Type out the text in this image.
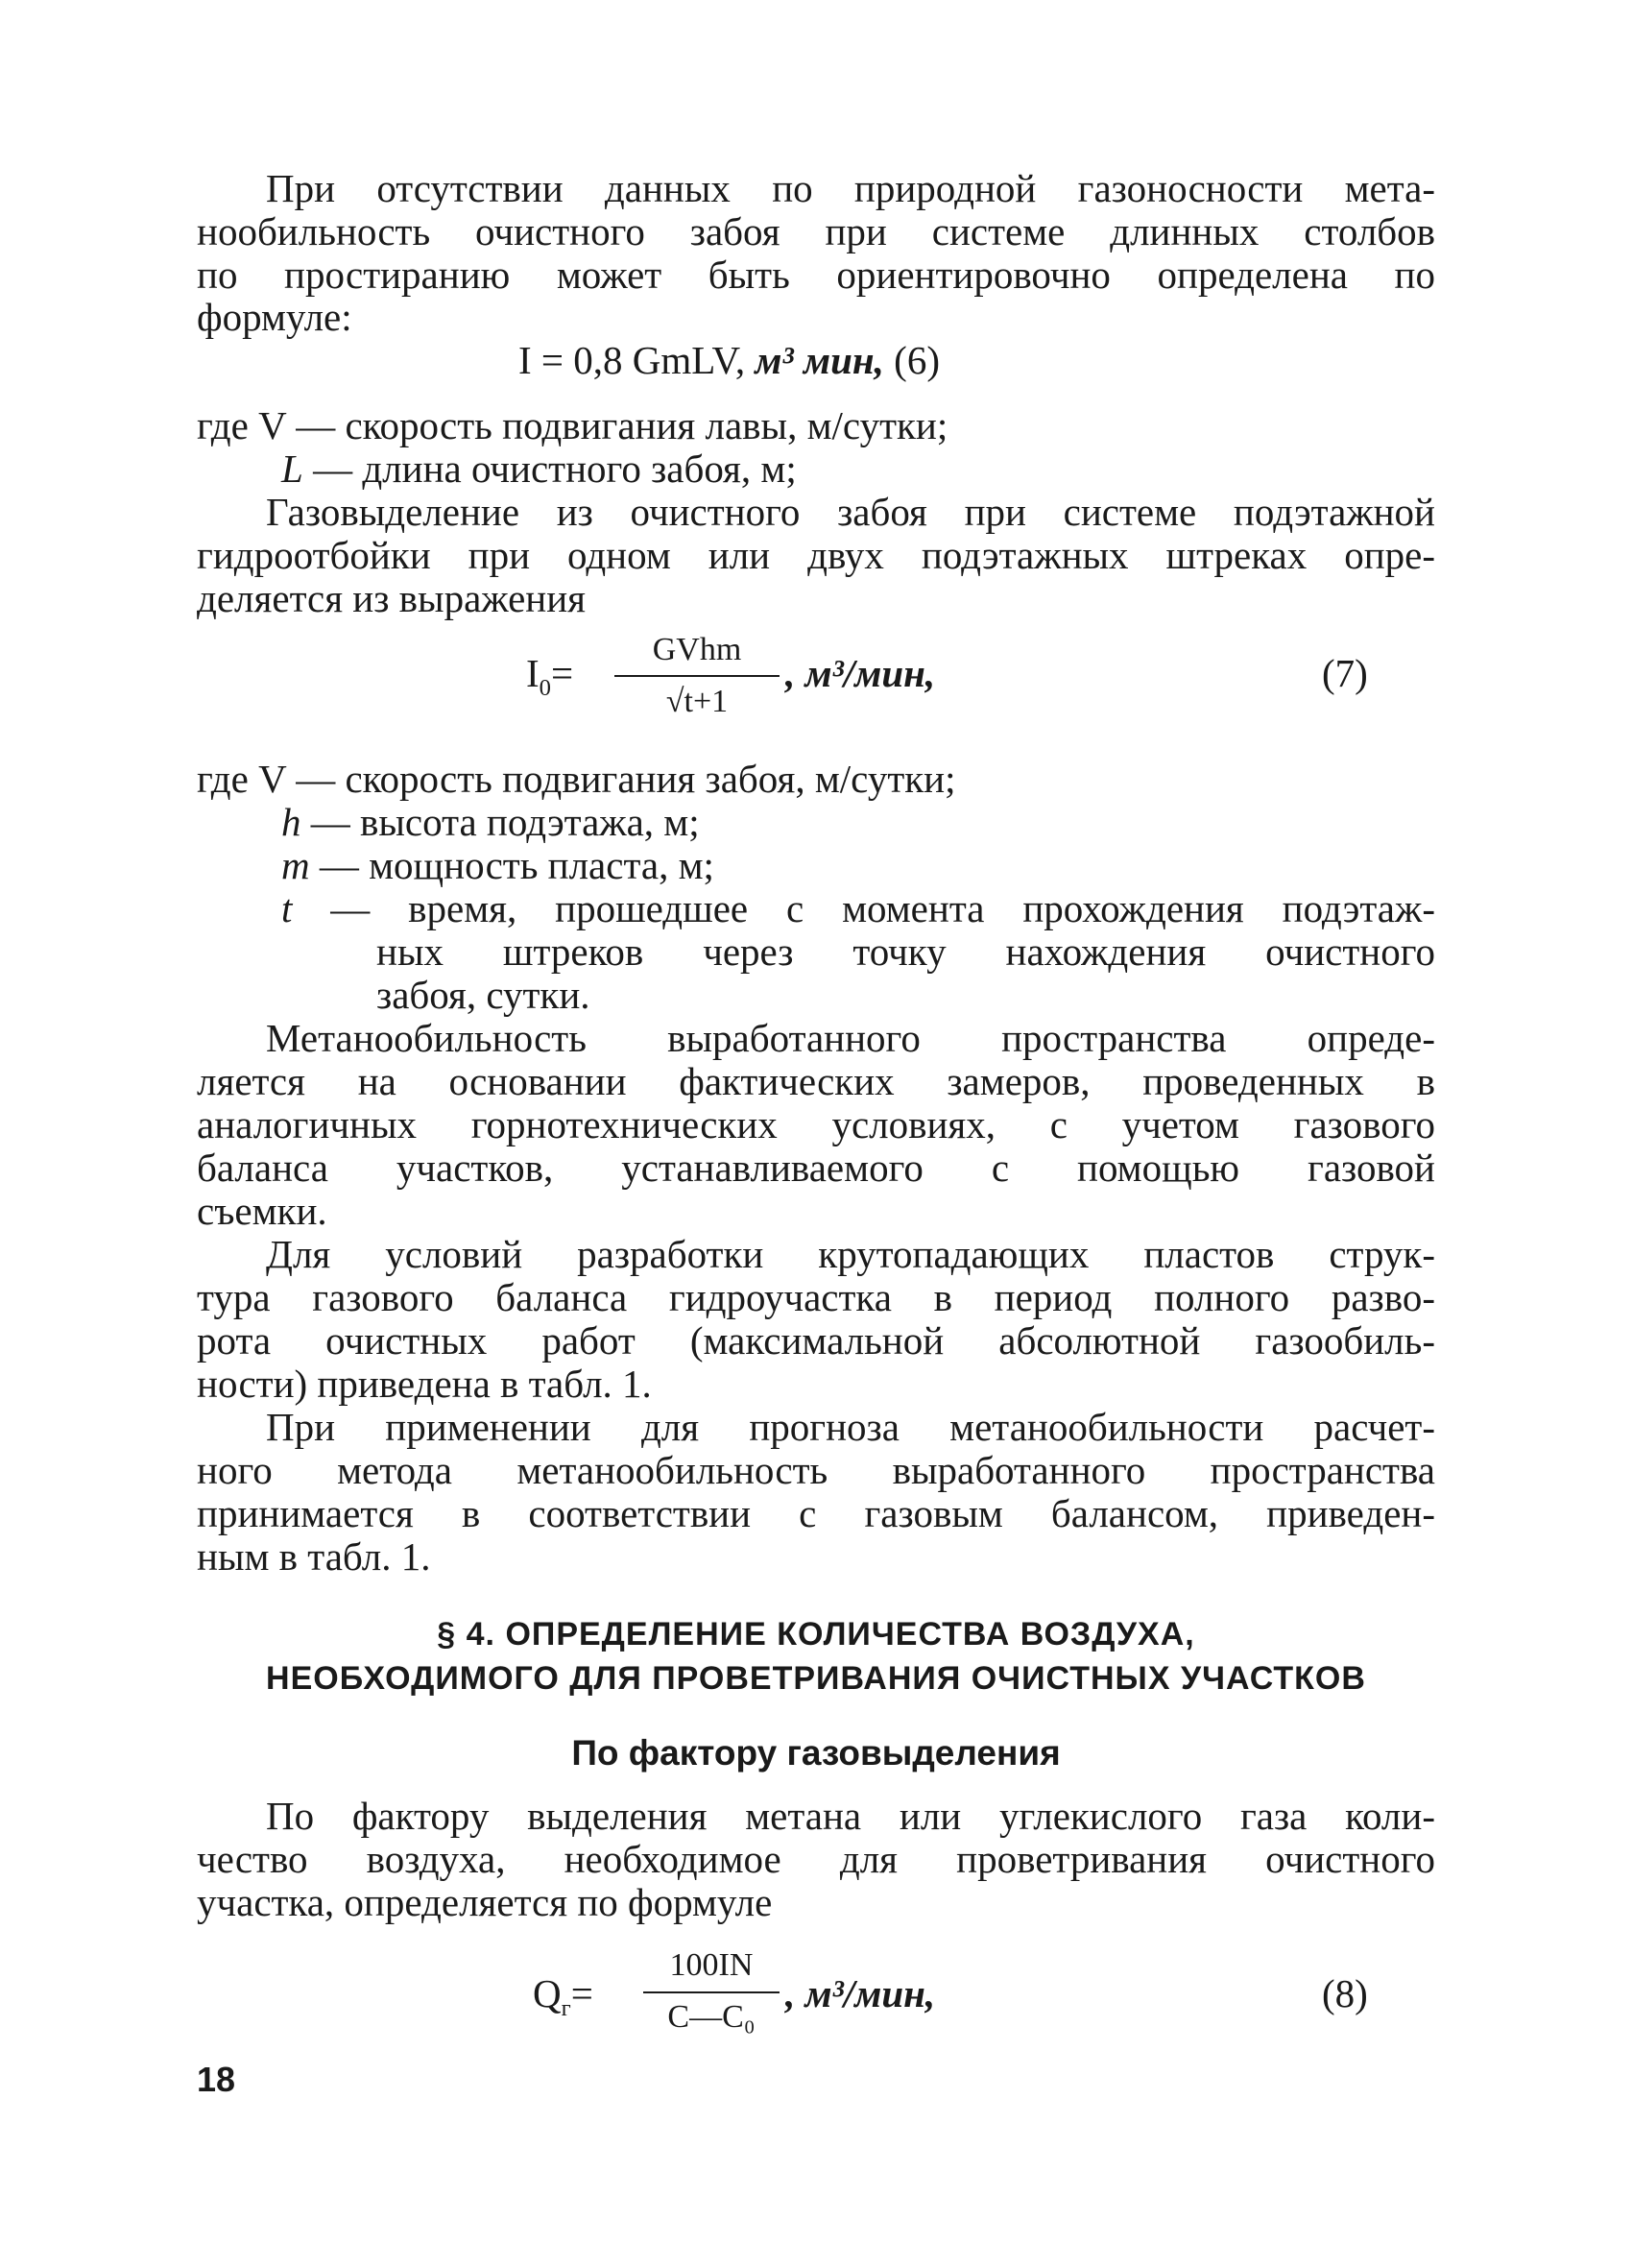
При отсутствии данных по природной газоносности мета-
нообильность очистного забоя при системе длинных столбов
по простиранию может быть ориентировочно определена по
формуле:
I = 0,8 GmLV, м³ мин, (6)
где V — скорость подвигания лавы, м/сутки;
L — длина очистного забоя, м;
Газовыделение из очистного забоя при системе подэтажной
гидроотбойки при одном или двух подэтажных штреках опре-
деляется из выражения
$I_0=$
GVhm
√t+1
, м³/мин,	(7)
где V — скорость подвигания забоя, м/сутки;
h — высота подэтажа, м;
m — мощность пласта, м;
t — время, прошедшее с момента прохождения подэтаж-
ных штреков через точку нахождения очистного
забоя, сутки.
Метанообильность выработанного пространства опреде-
ляется на основании фактических замеров, проведенных в
аналогичных горнотехнических условиях, с учетом газового
баланса участков, устанавливаемого с помощью газовой
съемки.
Для условий разработки крутопадающих пластов струк-
тура газового баланса гидроучастка в период полного разво-
рота очистных работ (максимальной абсолютной газообиль-
ности) приведена в табл. 1.
При применении для прогноза метанообильности расчет-
ного метода метанообильность выработанного пространства
принимается в соответствии с газовым балансом, приведен-
ным в табл. 1.
§ 4. ОПРЕДЕЛЕНИЕ КОЛИЧЕСТВА ВОЗДУХА,
НЕОБХОДИМОГО ДЛЯ ПРОВЕТРИВАНИЯ ОЧИСТНЫХ УЧАСТКОВ
По фактору газовыделения
По фактору выделения метана или углекислого газа коли-
чество воздуха, необходимое для проветривания очистного
участка, определяется по формуле
$Q_г=$
100IN
C—C₀
, м³/мин,	(8)
18
